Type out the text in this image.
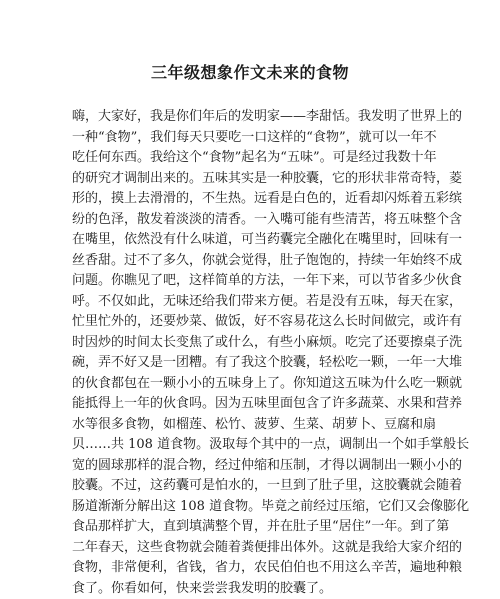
三年级想象作文未来的食物
嗨，大家好，我是你们年后的发明家——李甜恬。我发明了世界上的
一种“食物”，我们每天只要吃一口这样的“食物”，就可以一年不
吃任何东西。我给这个“食物”起名为“五味”。可是经过我数十年
的研究才调制出来的。五味其实是一种胶囊，它的形状非常奇特，菱
形的，摸上去滑滑的，不生热。远看是白色的，近看却闪烁着五彩缤
纷的色泽，散发着淡淡的清香。一入嘴可能有些清苦，将五味整个含
在嘴里，依然没有什么味道，可当药囊完全融化在嘴里时，回味有一
丝香甜。过不了多久，你就会觉得，肚子饱饱的，持续一年始终不成
问题。你瞧见了吧，这样简单的方法，一年下来，可以节省多少伙食
呼。不仅如此，无味还给我们带来方便。若是没有五味，每天在家，
忙里忙外的，还要炒菜、做饭，好不容易花这么长时间做完，或许有
时因炒的时间太长变焦了或什么，有些小麻烦。吃完了还要擦桌子洗
碗，弄不好又是一团糟。有了我这个胶囊，轻松吃一颗，一年一大堆
的伙食都包在一颗小小的五味身上了。你知道这五味为什么吃一颗就
能抵得上一年的伙食吗。因为五味里面包含了许多蔬菜、水果和营养
水等很多食物，如榴莲、松竹、菠萝、生菜、胡萝卜、豆腐和扇
贝……共 108 道食物。汲取每个其中的一点，调制出一个如手掌般长
宽的圆球那样的混合物，经过仲缩和压制，才得以调制出一颗小小的
胶囊。不过，这药囊可是怕水的，一旦到了肚子里，这胶囊就会随着
肠道渐渐分解出这 108 道食物。毕竟之前经过压缩，它们又会像膨化
食品那样扩大，直到填满整个胃，并在肚子里“居住”一年。到了第
二年春天，这些食物就会随着粪便排出体外。这就是我给大家介绍的
食物，非常便利，省钱，省力，农民伯伯也不用这么辛苦，遍地种粮
食了。你看如何，快来尝尝我发明的胶囊了。
